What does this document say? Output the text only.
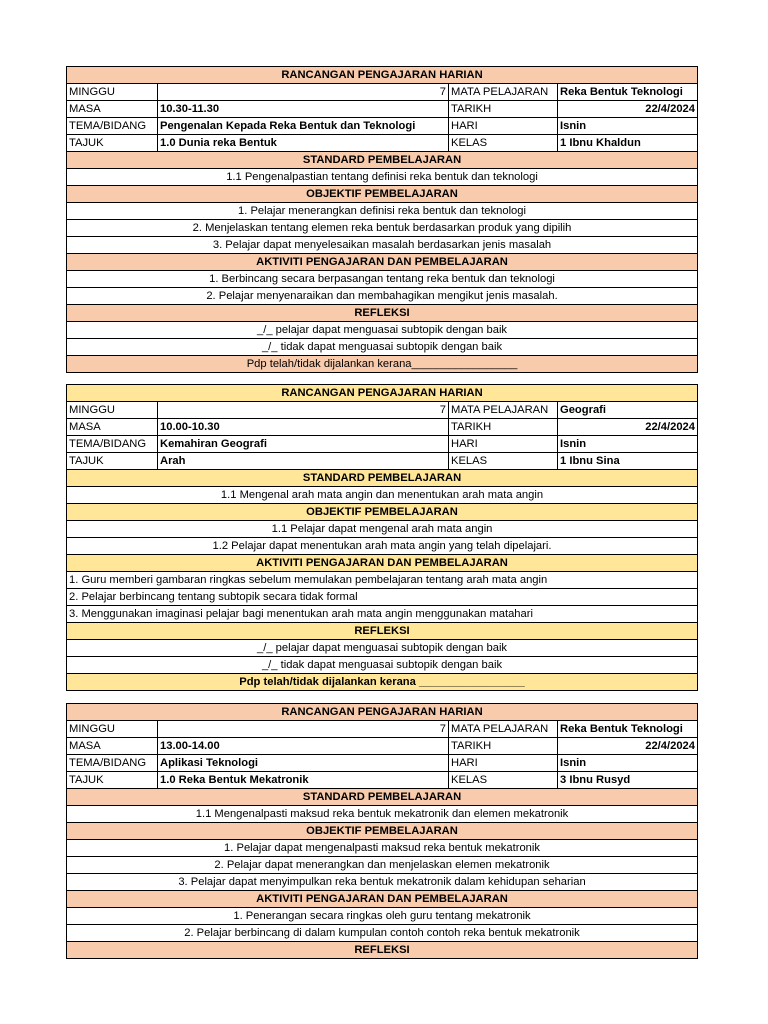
RANCANGAN PENGAJARAN HARIAN			
MINGGU	7	MATA PELAJARAN	Reka Bentuk Teknologi
MASA	10.30-11.30	TARIKH	22/4/2024
TEMA/BIDANG	Pengenalan Kepada Reka Bentuk dan Teknologi	HARI	Isnin
TAJUK	1.0 Dunia reka Bentuk	KELAS	1 Ibnu Khaldun
STANDARD PEMBELAJARAN			
1.1 Pengenalpastian tentang definisi reka bentuk dan teknologi			
OBJEKTIF PEMBELAJARAN			
1. Pelajar menerangkan definisi reka bentuk dan teknologi			
2. Menjelaskan tentang elemen reka bentuk berdasarkan produk yang dipilih			
3. Pelajar dapat menyelesaikan masalah berdasarkan jenis masalah			
AKTIVITI PENGAJARAN DAN PEMBELAJARAN			
1. Berbincang secara berpasangan tentang reka bentuk dan teknologi			
2. Pelajar menyenaraikan dan membahagikan mengikut jenis masalah.			
REFLEKSI			
_/_ pelajar dapat menguasai subtopik dengan baik			
_/_ tidak dapat menguasai subtopik dengan baik			
Pdp telah/tidak dijalankan kerana_________________			
RANCANGAN PENGAJARAN HARIAN			
MINGGU	7	MATA PELAJARAN	Geografi
MASA	10.00-10.30	TARIKH	22/4/2024
TEMA/BIDANG	Kemahiran Geografi	HARI	Isnin
TAJUK	Arah	KELAS	1 Ibnu Sina
STANDARD PEMBELAJARAN			
1.1 Mengenal arah mata angin dan menentukan arah mata angin			
OBJEKTIF PEMBELAJARAN			
1.1 Pelajar dapat mengenal arah mata angin			
1.2 Pelajar dapat menentukan arah mata angin yang telah dipelajari.			
AKTIVITI PENGAJARAN DAN PEMBELAJARAN			
1. Guru memberi gambaran ringkas sebelum memulakan pembelajaran tentang arah mata angin			
2. Pelajar berbincang tentang subtopik secara tidak formal			
3. Menggunakan imaginasi pelajar bagi menentukan arah mata angin menggunakan matahari			
REFLEKSI			
_/_ pelajar dapat menguasai subtopik dengan baik			
_/_ tidak dapat menguasai subtopik dengan baik			
Pdp telah/tidak dijalankan kerana _________________			
RANCANGAN PENGAJARAN HARIAN			
MINGGU	7	MATA PELAJARAN	Reka Bentuk Teknologi
MASA	13.00-14.00	TARIKH	22/4/2024
TEMA/BIDANG	Aplikasi Teknologi	HARI	Isnin
TAJUK	1.0 Reka Bentuk Mekatronik	KELAS	3 Ibnu Rusyd
STANDARD PEMBELAJARAN			
1.1 Mengenalpasti maksud reka bentuk mekatronik dan elemen mekatronik			
OBJEKTIF PEMBELAJARAN			
1. Pelajar dapat mengenalpasti maksud reka bentuk mekatronik			
2. Pelajar dapat menerangkan dan menjelaskan elemen mekatronik			
3. Pelajar dapat menyimpulkan reka bentuk mekatronik dalam kehidupan seharian			
AKTIVITI PENGAJARAN DAN PEMBELAJARAN			
1. Penerangan secara ringkas oleh guru tentang mekatronik			
2. Pelajar berbincang di dalam kumpulan contoh contoh reka bentuk mekatronik			
REFLEKSI			
